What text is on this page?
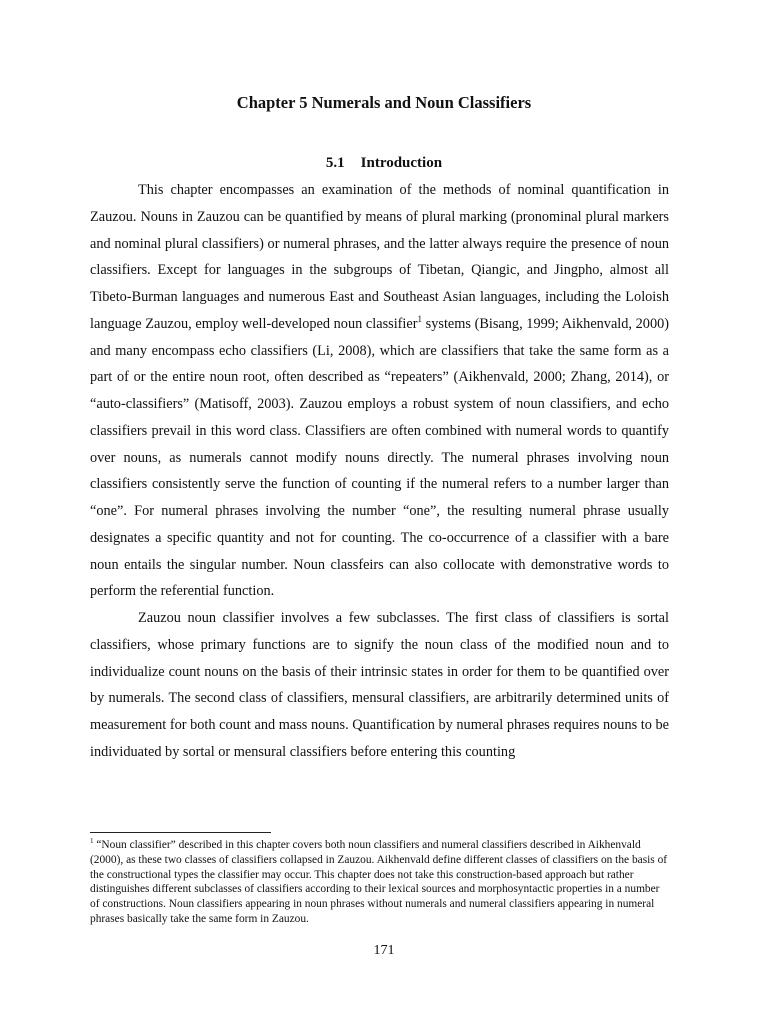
Chapter 5 Numerals and Noun Classifiers
5.1 Introduction

This chapter encompasses an examination of the methods of nominal quantification in Zauzou. Nouns in Zauzou can be quantified by means of plural marking (pronominal plural markers and nominal plural classifiers) or numeral phrases, and the latter always require the presence of noun classifiers. Except for languages in the subgroups of Tibetan, Qiangic, and Jingpho, almost all Tibeto-Burman languages and numerous East and Southeast Asian languages, including the Loloish language Zauzou, employ well-developed noun classifier$^1$ systems (Bisang, 1999; Aikhenvald, 2000) and many encompass echo classifiers (Li, 2008), which are classifiers that take the same form as a part of or the entire noun root, often described as “repeaters” (Aikhenvald, 2000; Zhang, 2014), or “auto-classifiers” (Matisoff, 2003). Zauzou employs a robust system of noun classifiers, and echo classifiers prevail in this word class. Classifiers are often combined with numeral words to quantify over nouns, as numerals cannot modify nouns directly. The numeral phrases involving noun classifiers consistently serve the function of counting if the numeral refers to a number larger than “one”. For numeral phrases involving the number “one”, the resulting numeral phrase usually designates a specific quantity and not for counting. The co-occurrence of a classifier with a bare noun entails the singular number. Noun classfeirs can also collocate with demonstrative words to perform the referential function.

Zauzou noun classifier involves a few subclasses. The first class of classifiers is sortal classifiers, whose primary functions are to signify the noun class of the modified noun and to individualize count nouns on the basis of their intrinsic states in order for them to be quantified over by numerals. The second class of classifiers, mensural classifiers, are arbitrarily determined units of measurement for both count and mass nouns. Quantification by numeral phrases requires nouns to be individuated by sortal or mensural classifiers before entering this counting

$^1$ “Noun classifier” described in this chapter covers both noun classifiers and numeral classifiers described in Aikhenvald (2000), as these two classes of classifiers collapsed in Zauzou. Aikhenvald define different classes of classifiers on the basis of the constructional types the classifier may occur. This chapter does not take this construction-based approach but rather distinguishes different subclasses of classifiers according to their lexical sources and morphosyntactic properties in a number of constructions. Noun classifiers appearing in noun phrases without numerals and numeral classifiers appearing in numeral phrases basically take the same form in Zauzou.

171
